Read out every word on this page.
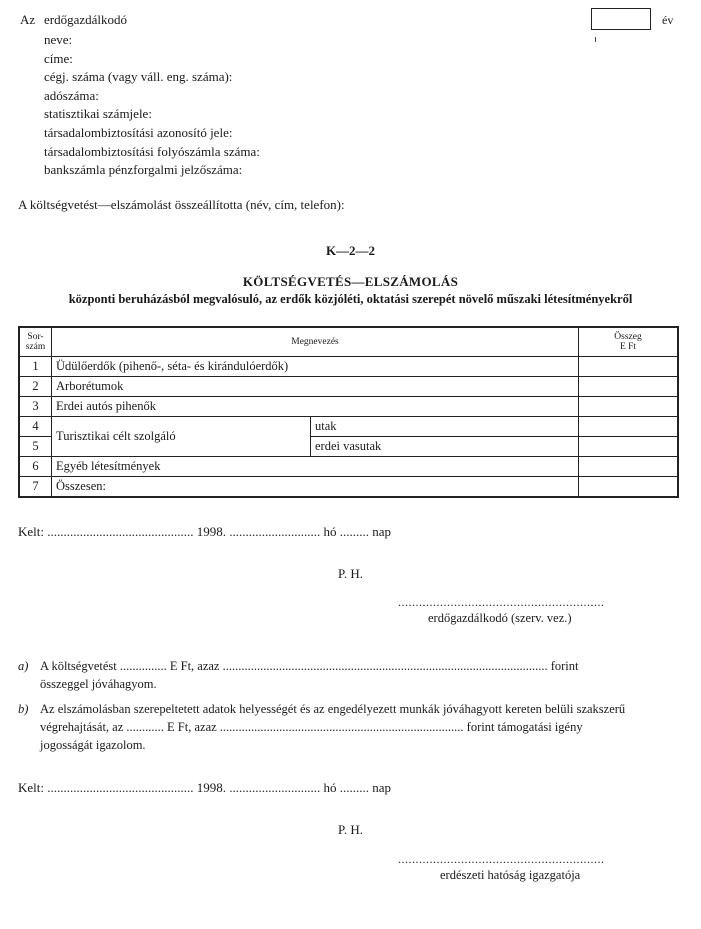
Az erdőgazdálkodó	év
neve:
címe:
cégj. száma (vagy váll. eng. száma):
adószáma:
statisztikai számjele:
társadalombiztosítási azonosító jele:
társadalombiztosítási folyószámla száma:
bankszámla pénzforgalmi jelzőszáma:
A költségvetést—elszámolást összeállította (név, cím, telefon):
K—2—2
KÖLTSÉGVETÉS—ELSZÁMOLÁS
központi beruházásból megvalósuló, az erdők közjóléti, oktatási szerepét növelő műszaki létesítményekről
Sor-
szám	Megnevezés		Összeg
E Ft
1	Üdülőerdők (pihenő-, séta- és kirándulóerdők)		
2	Arborétumok		
3	Erdei autós pihenők		
4	Turisztikai célt szolgáló	utak	
5		erdei vasutak	
6	Egyéb létesítmények		
7	Összesen:		
Kelt: ............................................. 1998. ............................ hó ......... nap
P. H.
...........................................................
erdőgazdálkodó (szerv. vez.)
a) A költségvetést ............... E Ft, azaz ........................................................................................................ forint
összeggel jóváhagyom.
b) Az elszámolásban szerepeltetett adatok helyességét és az engedélyezett munkák jóváhagyott kereten belüli szakszerű
végrehajtását, az ............ E Ft, azaz .............................................................................. forint támogatási igény
jogosságát igazolom.
Kelt: ............................................. 1998. ............................ hó ......... nap
P. H.
...........................................................
erdészeti hatóság igazgatója
